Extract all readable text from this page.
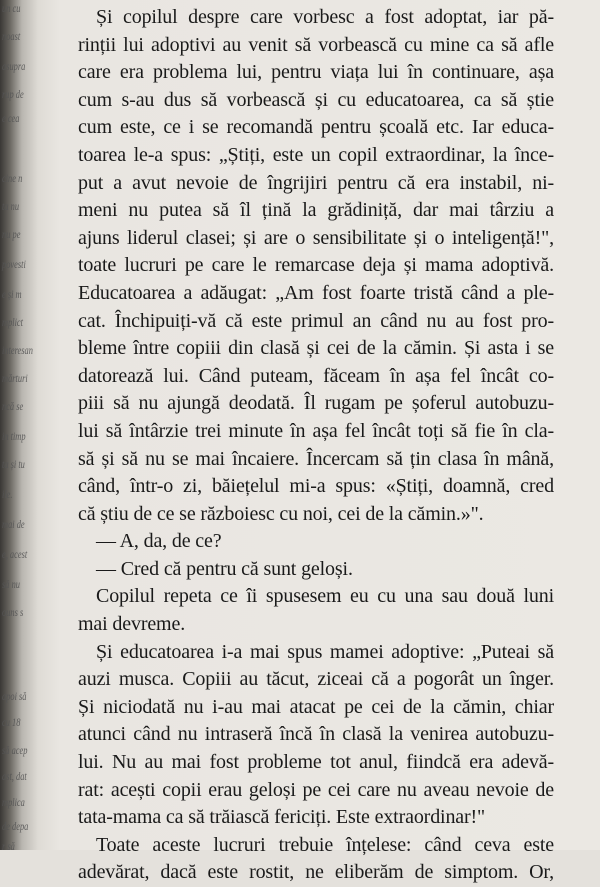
un cu
noast
asupra
rup de
e cea
cine n
ta nu
nu pe
povesti
e și m
mplict
interesan
mărturi
ncă se
in timp
ta și tu
ile.
mai de
e, acest
să nu
ouns s
apoi să
cu 18
să acep
ast, dat
mplica
de depa
r să
Și copilul despre care vorbesc a fost adoptat, iar pă-
rinții lui adoptivi au venit să vorbească cu mine ca să afle
care era problema lui, pentru viața lui în continuare, așa
cum s-au dus să vorbească și cu educatoarea, ca să știe
cum este, ce i se recomandă pentru școală etc. Iar educa-
toarea le-a spus: „Știți, este un copil extraordinar, la înce-
put a avut nevoie de îngrijiri pentru că era instabil, ni-
meni nu putea să îl țină la grădiniță, dar mai târziu a
ajuns liderul clasei; și are o sensibilitate și o inteligență!",
toate lucruri pe care le remarcase deja și mama adoptivă.
Educatoarea a adăugat: „Am fost foarte tristă când a ple-
cat. Închipuiți-vă că este primul an când nu au fost pro-
bleme între copiii din clasă și cei de la cămin. Și asta i se
datorează lui. Când puteam, făceam în așa fel încât co-
piii să nu ajungă deodată. Îl rugam pe șoferul autobuzu-
lui să întârzie trei minute în așa fel încât toți să fie în cla-
să și să nu se mai încaiere. Încercam să țin clasa în mână,
când, într-o zi, băiețelul mi-a spus: «Știți, doamnă, cred
că știu de ce se războiesc cu noi, cei de la cămin.»".
— A, da, de ce?
— Cred că pentru că sunt geloși.
Copilul repeta ce îi spusesem eu cu una sau două luni
mai devreme.
Și educatoarea i-a mai spus mamei adoptive: „Puteai să
auzi musca. Copiii au tăcut, ziceai că a pogorât un înger.
Și niciodată nu i-au mai atacat pe cei de la cămin, chiar
atunci când nu intraseră încă în clasă la venirea autobuzu-
lui. Nu au mai fost probleme tot anul, fiindcă era adevă-
rat: acești copii erau geloși pe cei care nu aveau nevoie de
tata-mama ca să trăiască fericiți. Este extraordinar!"
Toate aceste lucruri trebuie înțelese: când ceva este
adevărat, dacă este rostit, ne eliberăm de simptom. Or,
